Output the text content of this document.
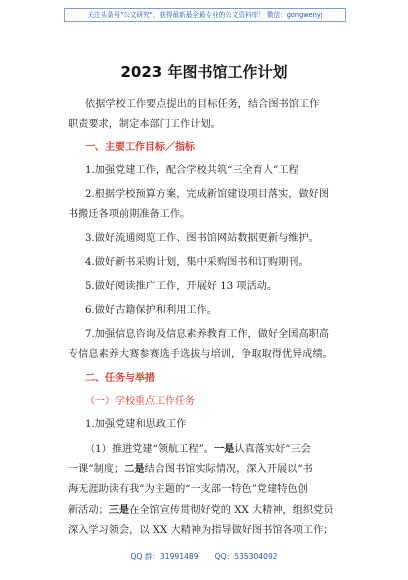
关注头条号"公文研究"，获得最新最全最专业的公文资料库！ 微信：gongwenyj
2023 年图书馆工作计划
依据学校工作要点提出的目标任务，结合图书馆工作
职责要求，制定本部门工作计划。
一、主要工作目标／指标
1.加强党建工作，配合学校共筑“三全育人”工程
2.根据学校预算方案，完成新馆建设项目落实，做好图
书搬迁各项前期准备工作。
3.做好流通阅览工作、图书馆网站数据更新与维护。
4.做好新书采购计划，集中采购图书和订购期刊。
5.做好阅读推广工作，开展好 13 项活动。
6.做好古籍保护和利用工作。
7.加强信息咨询及信息素养教育工作，做好全国高职高
专信息素养大赛参赛选手选拔与培训，争取取得优异成绩。
二、任务与举措
（一）学校重点工作任务
1.加强党建和思政工作
（1）推进党建“领航工程”。一是认真落实好“三会
一课”制度；二是结合图书馆实际情况，深入开展以“书
海无涯助读有我”为主题的“一支部一特色”党建特色创
新活动；三是在全馆宣传贯彻好党的 XX 大精神，组织党员
深入学习领会，以 XX 大精神为指导做好图书馆各项工作；
QQ 群：31991489 QQ：535304092
